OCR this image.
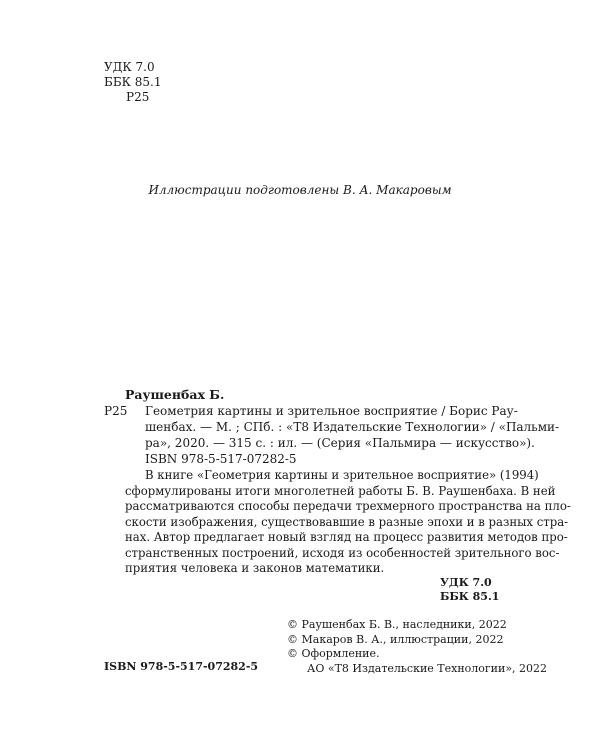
УДК 7.0
ББК 85.1
Р25
Иллюстрации подготовлены В. А. Макаровым
Раушенбах Б.
Р25 Геометрия картины и зрительное восприятие / Борис Рау-
шенбах. — М. ; СПб. : «Т8 Издательские Технологии» / «Пальми-
ра», 2020. — 315 с. : ил. — (Серия «Пальмира — искусство»).
ISBN 978-5-517-07282-5
В книге «Геометрия картины и зрительное восприятие» (1994)
сформулированы итоги многолетней работы Б. В. Раушенбаха. В ней
рассматриваются способы передачи трехмерного пространства на пло-
скости изображения, существовавшие в разные эпохи и в разных стра-
нах. Автор предлагает новый взгляд на процесс развития методов про-
странственных построений, исходя из особенностей зрительного вос-
приятия человека и законов математики.
УДК 7.0
ББК 85.1
© Раушенбах Б. В., наследники, 2022
© Макаров В. А., иллюстрации, 2022
© Оформление.
АО «Т8 Издательские Технологии», 2022
ISBN 978-5-517-07282-5
